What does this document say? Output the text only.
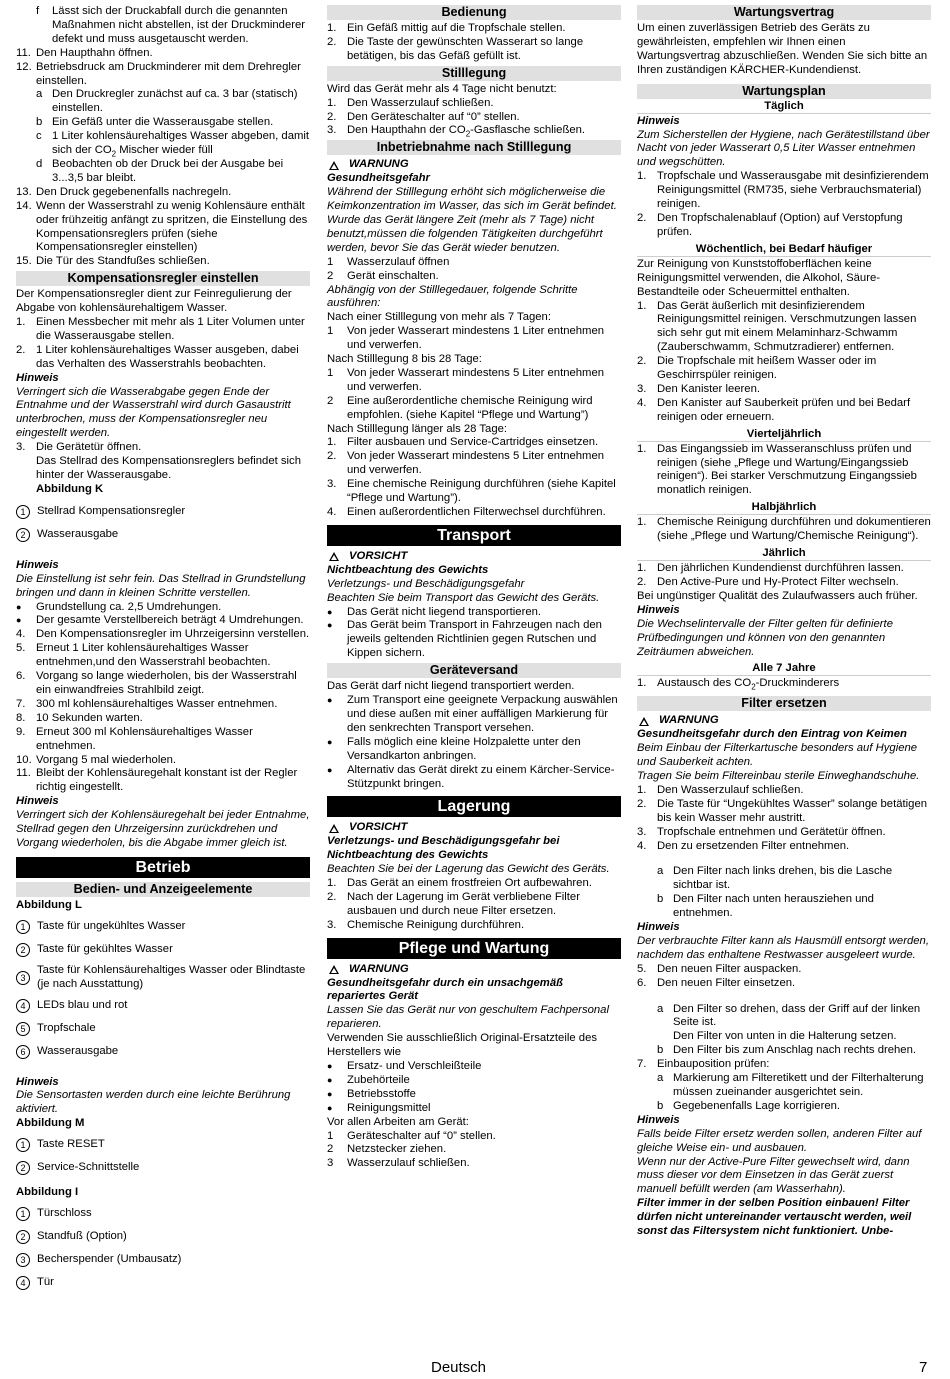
f	Lässt sich der Druckabfall durch die genannten Maßnahmen nicht abstellen, ist der Druckminderer defekt und muss ausgetauscht werden.
11. Den Haupthahn öffnen.
12. Betriebsdruck am Druckminderer mit dem Drehregler einstellen.
a Den Druckregler zunächst auf ca. 3 bar (statisch) einstellen.
b Ein Gefäß unter die Wasserausgabe stellen.
c 1 Liter kohlensäurehaltiges Wasser abgeben, damit sich der $CO_2$ Mischer wieder füll
d Beobachten ob der Druck bei der Ausgabe bei 3...3,5 bar bleibt.
13. Den Druck gegebenenfalls nachregeln.
14. Wenn der Wasserstrahl zu wenig Kohlensäure enthält oder frühzeitig anfängt zu spritzen, die Einstellung des Kompensationsreglers prüfen (siehe Kompensationsregler einstellen)
15. Die Tür des Standfußes schließen.
Kompensationsregler einstellen
Der Kompensationsregler dient zur Feinregulierung der Abgabe von kohlensäurehaltigem Wasser.
1. Einen Messbecher mit mehr als 1 Liter Volumen unter die Wasserausgabe stellen.
2. 1 Liter kohlensäurehaltiges Wasser ausgeben, dabei das Verhalten des Wasserstrahls beobachten.
Hinweis
Verringert sich die Wasserabgabe gegen Ende der Entnahme und der Wasserstrahl wird durch Gasaustritt unterbrochen, muss der Kompensationsregler neu eingestellt werden.
3. Die Gerätetür öffnen.
Das Stellrad des Kompensationsreglers befindet sich hinter der Wasserausgabe.
Abbildung K
1	Stellrad Kompensationsregler
2	Wasserausgabe
Hinweis
Die Einstellung ist sehr fein. Das Stellrad in Grundstellung bringen und dann in kleinen Schritte verstellen.
●	Grundstellung ca. 2,5 Umdrehungen.
●	Der gesamte Verstellbereich beträgt 4 Umdrehungen.
4. Den Kompensationsregler im Uhrzeigersinn verstellen.
5. Erneut 1 Liter kohlensäurehaltiges Wasser entnehmen,und den Wasserstrahl beobachten.
6. Vorgang so lange wiederholen, bis der Wasserstrahl ein einwandfreies Strahlbild zeigt.
7. 300 ml kohlensäurehaltiges Wasser entnehmen.
8. 10 Sekunden warten.
9. Erneut 300 ml Kohlensäurehaltiges Wasser entnehmen.
10. Vorgang 5 mal wiederholen.
11. Bleibt der Kohlensäuregehalt konstant ist der Regler richtig eingestellt.
Hinweis
Verringert sich der Kohlensäuregehalt bei jeder Entnahme, Stellrad gegen den Uhrzeigersinn zurückdrehen und Vorgang wiederholen, bis die Abgabe immer gleich ist.
Betrieb
Bedien- und Anzeigeelemente
Abbildung L
1	Taste für ungekühltes Wasser
2	Taste für gekühltes Wasser
3
Taste für Kohlensäurehaltiges Wasser oder Blindtaste (je nach Ausstattung)
4	LEDs blau und rot
5	Tropfschale
6	Wasserausgabe
Hinweis
Die Sensortasten werden durch eine leichte Berührung aktiviert.
Abbildung M
1	Taste RESET
2	Service-Schnittstelle
Abbildung I
1	Türschloss
2	Standfuß (Option)
3	Becherspender (Umbausatz)
4	Tür
Bedienung
1. Ein Gefäß mittig auf die Tropfschale stellen.
2. Die Taste der gewünschten Wasserart so lange betätigen, bis das Gefäß gefüllt ist.
Stilllegung
Wird das Gerät mehr als 4 Tage nicht benutzt:
1. Den Wasserzulauf schließen.
2. Den Geräteschalter auf “0” stellen.
3. Den Haupthahn der $CO_2$-Gasflasche schließen.
Inbetriebnahme nach Stilllegung
WARNUNG
Gesundheitsgefahr
Während der Stilllegung erhöht sich möglicherweise die Keimkonzentration im Wasser, das sich im Gerät befindet.
Wurde das Gerät längere Zeit (mehr als 7 Tage) nicht benutzt,müssen die folgenden Tätigkeiten durchgeführt werden, bevor Sie das Gerät wieder benutzen.
1	Wasserzulauf öffnen
2	Gerät einschalten.
Abhängig von der Stilllegedauer, folgende Schritte ausführen:
Nach einer Stilllegung von mehr als 7 Tagen:
1	Von jeder Wasserart mindestens 1 Liter entnehmen und verwerfen.
Nach Stilllegung 8 bis 28 Tage:
1	Von jeder Wasserart mindestens 5 Liter entnehmen und verwerfen.
2	Eine außerordentliche chemische Reinigung wird empfohlen. (siehe Kapitel “Pflege und Wartung”)
Nach Stilllegung länger als 28 Tage:
1. Filter ausbauen und Service-Cartridges einsetzen.
2. Von jeder Wasserart mindestens 5 Liter entnehmen und verwerfen.
3. Eine chemische Reinigung durchführen (siehe Kapitel “Pflege und Wartung”).
4. Einen außerordentlichen Filterwechsel durchführen.
Transport
VORSICHT
Nichtbeachtung des Gewichts
Verletzungs- und Beschädigungsgefahr
Beachten Sie beim Transport das Gewicht des Geräts.
●	Das Gerät nicht liegend transportieren.
●	Das Gerät beim Transport in Fahrzeugen nach den jeweils geltenden Richtlinien gegen Rutschen und Kippen sichern.
Geräteversand
Das Gerät darf nicht liegend transportiert werden.
●	Zum Transport eine geeignete Verpackung auswählen und diese außen mit einer auffälligen Markierung für den senkrechten Transport versehen.
●	Falls möglich eine kleine Holzpalette unter den Versandkarton anbringen.
●	Alternativ das Gerät direkt zu einem Kärcher-Service-Stützpunkt bringen.
Lagerung
VORSICHT
Verletzungs- und Beschädigungsgefahr bei Nichtbeachtung des Gewichts
Beachten Sie bei der Lagerung das Gewicht des Geräts.
1. Das Gerät an einem frostfreien Ort aufbewahren.
2. Nach der Lagerung im Gerät verbliebene Filter ausbauen und durch neue Filter ersetzen.
3. Chemische Reinigung durchführen.
Pflege und Wartung
WARNUNG
Gesundheitsgefahr durch ein unsachgemäß repariertes Gerät
Lassen Sie das Gerät nur von geschultem Fachpersonal reparieren.
Verwenden Sie ausschließlich Original-Ersatzteile des Herstellers wie
●	Ersatz- und Verschleißteile
●	Zubehörteile
●	Betriebsstoffe
●	Reinigungsmittel
Vor allen Arbeiten am Gerät:
1	Geräteschalter auf “0” stellen.
2	Netzstecker ziehen.
3	Wasserzulauf schließen.
Wartungsvertrag
Um einen zuverlässigen Betrieb des Geräts zu gewährleisten, empfehlen wir Ihnen einen Wartungsvertrag abzuschließen. Wenden Sie sich bitte an Ihren zuständigen KÄRCHER-Kundendienst.
Wartungsplan
Täglich
Hinweis
Zum Sicherstellen der Hygiene, nach Gerätestillstand über Nacht von jeder Wasserart 0,5 Liter Wasser entnehmen und wegschütten.
1. Tropfschale und Wasserausgabe mit desinfizierendem Reinigungsmittel (RM735, siehe Verbrauchsmaterial) reinigen.
2. Den Tropfschalenablauf (Option) auf Verstopfung prüfen.
Wöchentlich, bei Bedarf häufiger
Zur Reinigung von Kunststoffoberflächen keine Reinigungsmittel verwenden, die Alkohol, Säure-Bestandteile oder Scheuermittel enthalten.
1. Das Gerät äußerlich mit desinfizierendem Reinigungsmittel reinigen. Verschmutzungen lassen sich sehr gut mit einem Melaminharz-Schwamm (Zauberschwamm, Schmutzradierer) entfernen.
2. Die Tropfschale mit heißem Wasser oder im Geschirrspüler reinigen.
3. Den Kanister leeren.
4. Den Kanister auf Sauberkeit prüfen und bei Bedarf reinigen oder erneuern.
Vierteljährlich
1. Das Eingangssieb im Wasseranschluss prüfen und reinigen (siehe „Pflege und Wartung/Eingangssieb reinigen“). Bei starker Verschmutzung Eingangssieb monatlich reinigen.
Halbjährlich
1. Chemische Reinigung durchführen und dokumentieren (siehe „Pflege und Wartung/Chemische Reinigung“).
Jährlich
1. Den jährlichen Kundendienst durchführen lassen.
2. Den Active-Pure und Hy-Protect Filter wechseln.
Bei ungünstiger Qualität des Zulaufwassers auch früher.
Hinweis
Die Wechselintervalle der Filter gelten für definierte Prüfbedingungen und können von den genannten Zeiträumen abweichen.
Alle 7 Jahre
1. Austausch des $CO_2$-Druckminderers
Filter ersetzen
WARNUNG
Gesundheitsgefahr durch den Eintrag von Keimen
Beim Einbau der Filterkartusche besonders auf Hygiene und Sauberkeit achten.
Tragen Sie beim Filtereinbau sterile Einweghandschuhe.
1. Den Wasserzulauf schließen.
2. Die Taste für “Ungekühltes Wasser” solange betätigen bis kein Wasser mehr austritt.
3. Tropfschale entnehmen und Gerätetür öffnen.
4. Den zu ersetzenden Filter entnehmen.
a Den Filter nach links drehen, bis die Lasche sichtbar ist.
b Den Filter nach unten herausziehen und entnehmen.
Hinweis
Der verbrauchte Filter kann als Hausmüll entsorgt werden, nachdem das enthaltene Restwasser ausgeleert wurde.
5. Den neuen Filter auspacken.
6. Den neuen Filter einsetzen.
a Den Filter so drehen, dass der Griff auf der linken Seite ist.
Den Filter von unten in die Halterung setzen.
b Den Filter bis zum Anschlag nach rechts drehen.
7. Einbauposition prüfen:
a Markierung am Filteretikett und der Filterhalterung müssen zueinander ausgerichtet sein.
b Gegebenenfalls Lage korrigieren.
Hinweis
Falls beide Filter ersetz werden sollen, anderen Filter auf gleiche Weise ein- und ausbauen.
Wenn nur der Active-Pure Filter gewechselt wird, dann muss dieser vor dem Einsetzen in das Gerät zuerst manuell befüllt werden (am Wasserhahn).
Filter immer in der selben Position einbauen! Filter dürfen nicht untereinander vertauscht werden, weil sonst das Filtersystem nicht funktioniert. Unbe-
Deutsch	7
